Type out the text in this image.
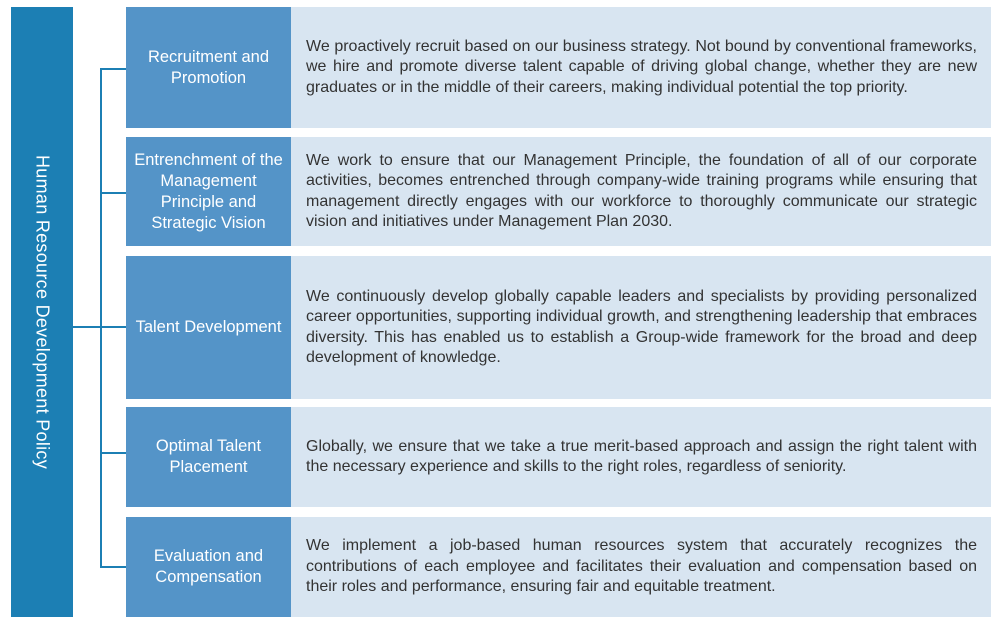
Human Resource Development Policy
Recruitment and Promotion
We proactively recruit based on our business strategy. Not bound by conventional frameworks, we hire and promote diverse talent capable of driving global change, whether they are new graduates or in the middle of their careers, making individual potential the top priority.
Entrenchment of the Management Principle and Strategic Vision
We work to ensure that our Management Principle, the foundation of all of our corporate activities, becomes entrenched through company-wide training programs while ensuring that management directly engages with our workforce to thoroughly communicate our strategic vision and initiatives under Management Plan 2030.
Talent Development
We continuously develop globally capable leaders and specialists by providing personalized career opportunities, supporting individual growth, and strengthening leadership that embraces diversity. This has enabled us to establish a Group-wide framework for the broad and deep development of knowledge.
Optimal Talent Placement
Globally, we ensure that we take a true merit-based approach and assign the right talent with the necessary experience and skills to the right roles, regardless of seniority.
Evaluation and Compensation
We implement a job-based human resources system that accurately recognizes the contributions of each employee and facilitates their evaluation and compensation based on their roles and performance, ensuring fair and equitable treatment.
